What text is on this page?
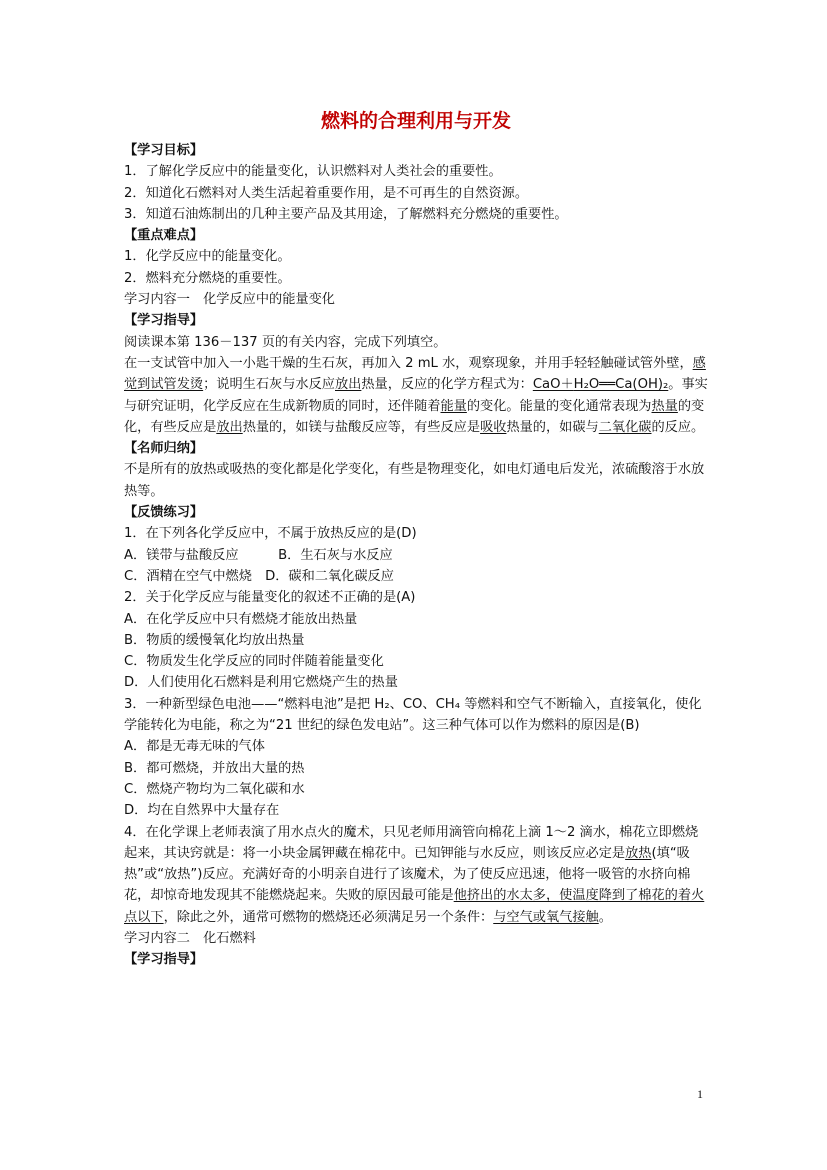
燃料的合理利用与开发
【学习目标】
1．了解化学反应中的能量变化，认识燃料对人类社会的重要性。
2．知道化石燃料对人类生活起着重要作用，是不可再生的自然资源。
3．知道石油炼制出的几种主要产品及其用途，了解燃料充分燃烧的重要性。
【重点难点】
1．化学反应中的能量变化。
2．燃料充分燃烧的重要性。
学习内容一　化学反应中的能量变化
【学习指导】
阅读课本第 136－137 页的有关内容，完成下列填空。

在一支试管中加入一小匙干燥的生石灰，再加入 2 mL 水，观察现象，并用手轻轻触碰试管外壁，感觉到试管发烫；说明生石灰与水反应放出热量，反应的化学方程式为：CaO＋H₂O══Ca(OH)₂。事实与研究证明，化学反应在生成新物质的同时，还伴随着能量的变化。能量的变化通常表现为热量的变化，有些反应是放出热量的，如镁与盐酸反应等，有些反应是吸收热量的，如碳与二氧化碳的反应。

【名师归纳】

不是所有的放热或吸热的变化都是化学变化，有些是物理变化，如电灯通电后发光，浓硫酸溶于水放热等。

【反馈练习】
1．在下列各化学反应中，不属于放热反应的是(D)
A．镁带与盐酸反应　　　B．生石灰与水反应
C．酒精在空气中燃烧　D．碳和二氧化碳反应
2．关于化学反应与能量变化的叙述不正确的是(A)
A．在化学反应中只有燃烧才能放出热量
B．物质的缓慢氧化均放出热量
C．物质发生化学反应的同时伴随着能量变化
D．人们使用化石燃料是利用它燃烧产生的热量

3．一种新型绿色电池——“燃料电池”是把 H₂、CO、CH₄ 等燃料和空气不断输入，直接氧化，使化学能转化为电能，称之为“21 世纪的绿色发电站”。这三种气体可以作为燃料的原因是(B)

A．都是无毒无味的气体
B．都可燃烧，并放出大量的热
C．燃烧产物均为二氧化碳和水
D．均在自然界中大量存在

4．在化学课上老师表演了用水点火的魔术，只见老师用滴管向棉花上滴 1～2 滴水，棉花立即燃烧起来，其诀窍就是：将一小块金属钾藏在棉花中。已知钾能与水反应，则该反应必定是放热(填“吸热”或“放热”)反应。充满好奇的小明亲自进行了该魔术，为了使反应迅速，他将一吸管的水挤向棉花，却惊奇地发现其不能燃烧起来。失败的原因最可能是他挤出的水太多，使温度降到了棉花的着火点以下，除此之外，通常可燃物的燃烧还必须满足另一个条件：与空气或氧气接触。

学习内容二　化石燃料
【学习指导】
1
